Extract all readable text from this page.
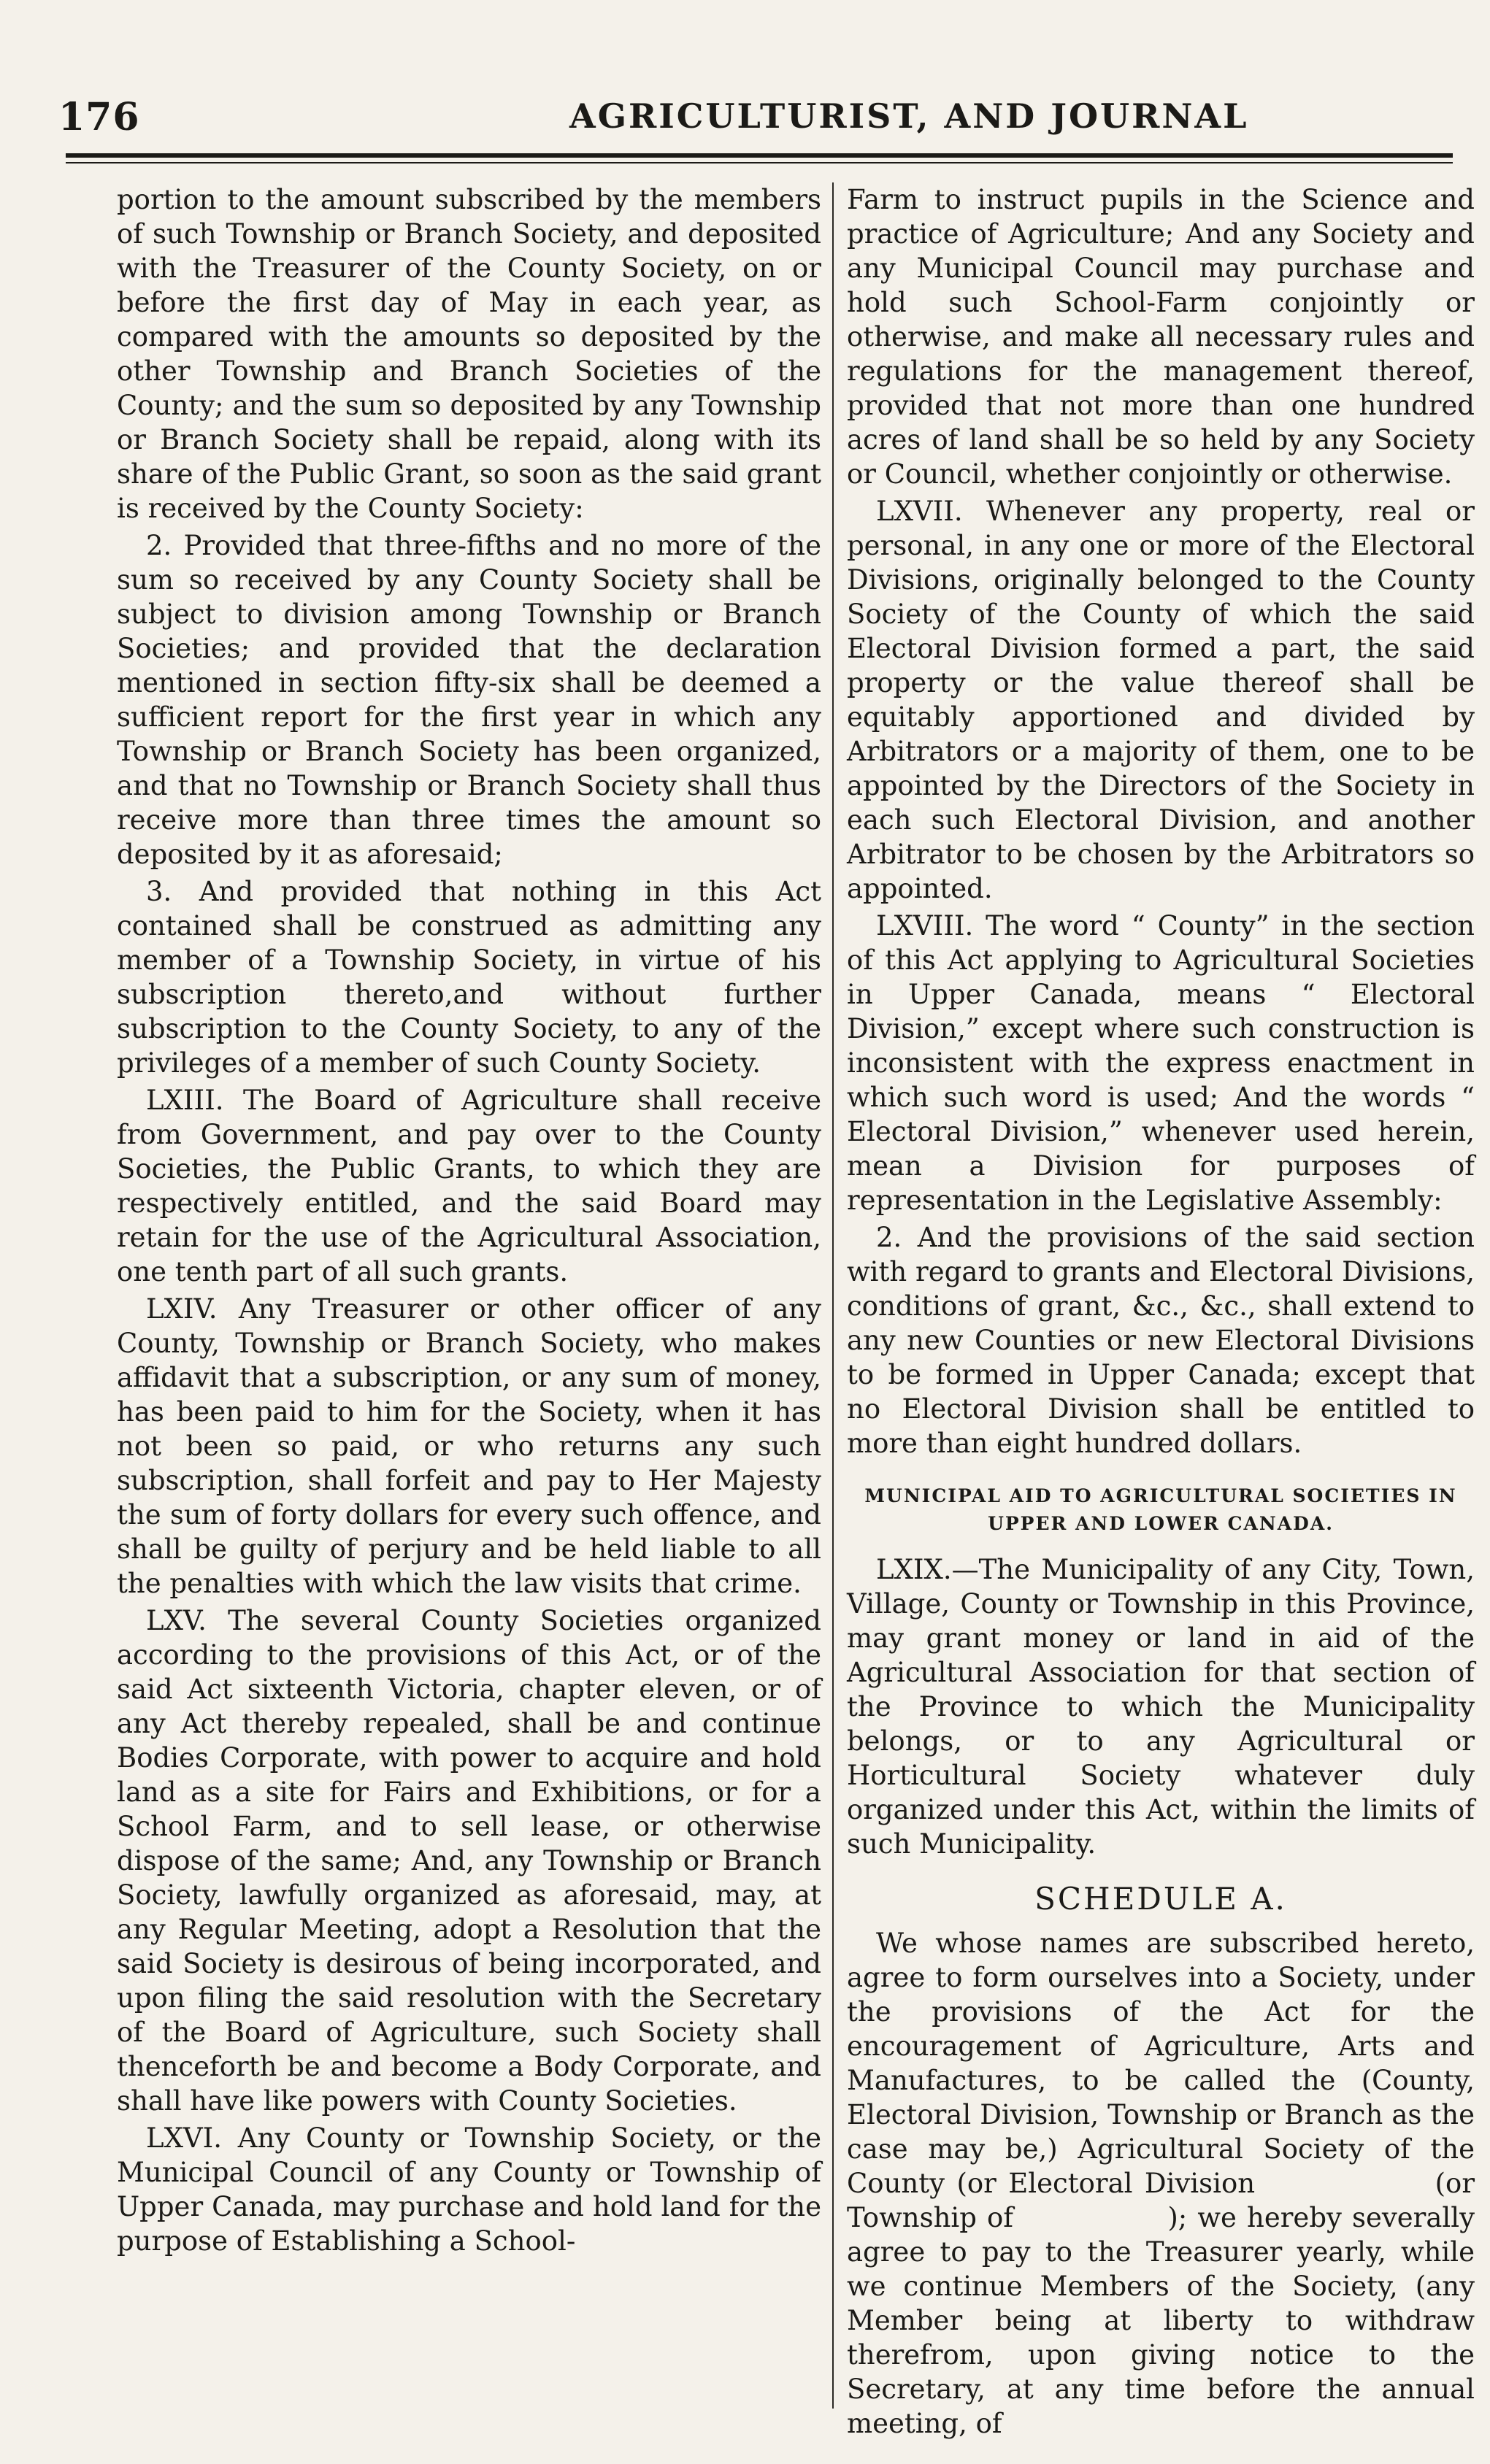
176	AGRICULTURIST, AND JOURNAL

portion to the amount subscribed by the members of such Township or Branch Society, and deposited with the Treasurer of the County Society, on or before the first day of May in each year, as compared with the amounts so deposited by the other Township and Branch Societies of the County; and the sum so deposited by any Township or Branch Society shall be repaid, along with its share of the Public Grant, so soon as the said grant is received by the County Society:

2. Provided that three-fifths and no more of the sum so received by any County Society shall be subject to division among Township or Branch Societies; and provided that the declaration mentioned in section fifty-six shall be deemed a sufficient report for the first year in which any Township or Branch Society has been organized, and that no Township or Branch Society shall thus receive more than three times the amount so deposited by it as aforesaid;

3. And provided that nothing in this Act contained shall be construed as admitting any member of a Township Society, in virtue of his subscription thereto,and without further subscription to the County Society, to any of the privileges of a member of such County Society.

LXIII. The Board of Agriculture shall receive from Government, and pay over to the County Societies, the Public Grants, to which they are respectively entitled, and the said Board may retain for the use of the Agricultural Association, one tenth part of all such grants.

LXIV. Any Treasurer or other officer of any County, Township or Branch Society, who makes affidavit that a subscription, or any sum of money, has been paid to him for the Society, when it has not been so paid, or who returns any such subscription, shall forfeit and pay to Her Majesty the sum of forty dollars for every such offence, and shall be guilty of perjury and be held liable to all the penalties with which the law visits that crime.

LXV. The several County Societies organized according to the provisions of this Act, or of the said Act sixteenth Victoria, chapter eleven, or of any Act thereby repealed, shall be and continue Bodies Corporate, with power to acquire and hold land as a site for Fairs and Exhibitions, or for a School Farm, and to sell lease, or otherwise dispose of the same; And, any Township or Branch Society, lawfully organized as aforesaid, may, at any Regular Meeting, adopt a Resolution that the said Society is desirous of being incorporated, and upon filing the said resolution with the Secretary of the Board of Agriculture, such Society shall thenceforth be and become a Body Corporate, and shall have like powers with County Societies.

LXVI. Any County or Township Society, or the Municipal Council of any County or Township of Upper Canada, may purchase and hold land for the purpose of Establishing a School-

Farm to instruct pupils in the Science and practice of Agriculture; And any Society and any Municipal Council may purchase and hold such School-Farm conjointly or otherwise, and make all necessary rules and regulations for the management thereof, provided that not more than one hundred acres of land shall be so held by any Society or Council, whether conjointly or otherwise.

LXVII. Whenever any property, real or personal, in any one or more of the Electoral Divisions, originally belonged to the County Society of the County of which the said Electoral Division formed a part, the said property or the value thereof shall be equitably apportioned and divided by Arbitrators or a majority of them, one to be appointed by the Directors of the Society in each such Electoral Division, and another Arbitrator to be chosen by the Arbitrators so appointed.

LXVIII. The word “ County” in the section of this Act applying to Agricultural Societies in Upper Canada, means “ Electoral Division,” except where such construction is inconsistent with the express enactment in which such word is used; And the words “ Electoral Division,” whenever used herein, mean a Division for purposes of representation in the Legislative Assembly:

2. And the provisions of the said section with regard to grants and Electoral Divisions, conditions of grant, &c., &c., shall extend to any new Counties or new Electoral Divisions to be formed in Upper Canada; except that no Electoral Division shall be entitled to more than eight hundred dollars.

MUNICIPAL AID TO AGRICULTURAL SOCIETIES IN UPPER AND LOWER CANADA.

LXIX.—The Municipality of any City, Town, Village, County or Township in this Province, may grant money or land in aid of the Agricultural Association for that section of the Province to which the Municipality belongs, or to any Agricultural or Horticultural Society whatever duly organized under this Act, within the limits of such Municipality.

SCHEDULE A.

We whose names are subscribed hereto, agree to form ourselves into a Society, under the provisions of the Act for the encouragement of Agriculture, Arts and Manufactures, to be called the (County, Electoral Division, Township or Branch as the case may be,) Agricultural Society of the County (or Electoral Division	(or Township of	); we hereby severally agree to pay to the Treasurer yearly, while we continue Members of the Society, (any Member being at liberty to withdraw therefrom, upon giving notice to the Secretary, at any time before the annual meeting, of
